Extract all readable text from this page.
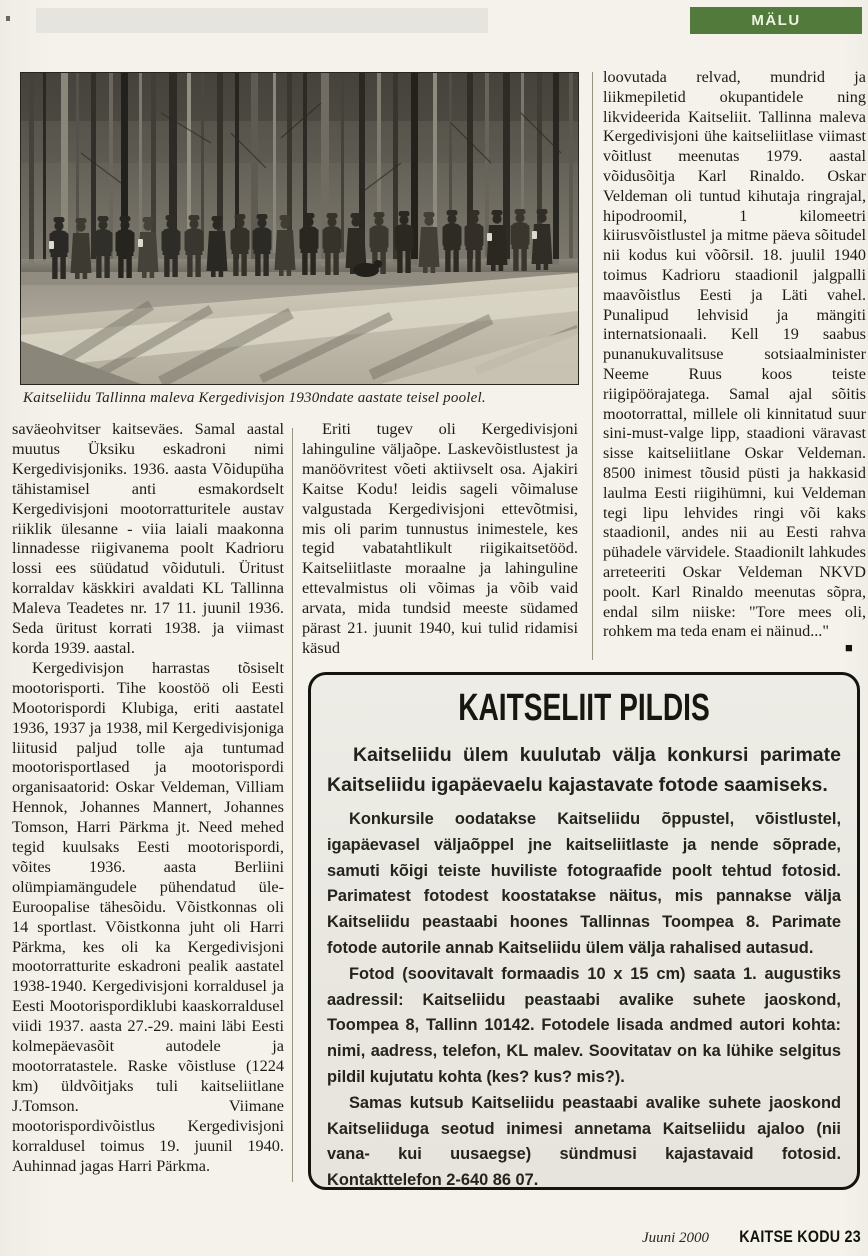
MÄLU
Kaitseliidu Tallinna maleva Kergedivisjon 1930ndate aastate teisel poolel.

saväeohvitser kaitseväes. Samal aastal muutus Üksiku eskadroni nimi Kergedivisjoniks. 1936. aasta Võidupüha tähistamisel anti esmakordselt Kergedivisjoni mootorratturitele austav riiklik ülesanne - viia laiali maakonna linnadesse riigivanema poolt Kadrioru lossi ees süüdatud võidutuli. Üritust korraldav käskkiri avaldati KL Tallinna Maleva Teadetes nr. 17 11. juunil 1936. Seda üritust korrati 1938. ja viimast korda 1939. aastal.

Kergedivisjon harrastas tõsiselt mootorisporti. Tihe koostöö oli Eesti Mootorispordi Klubiga, eriti aastatel 1936, 1937 ja 1938, mil Kergedivisjoniga liitusid paljud tolle aja tuntumad mootorisportlased ja mootorispordi organisaatorid: Oskar Veldeman, Villiam Hennok, Johannes Mannert, Johannes Tomson, Harri Pärkma jt. Need mehed tegid kuulsaks Eesti mootorispordi, võites 1936. aasta Berliini olümpiamängudele pühendatud üle-Euroopalise tähesõidu. Võistkonnas oli 14 sportlast. Võistkonna juht oli Harri Pärkma, kes oli ka Kergedivisjoni mootorratturite eskadroni pealik aastatel 1938-1940. Kergedivisjoni korraldusel ja Eesti Mootorispordiklubi kaaskorraldusel viidi 1937. aasta 27.-29. maini läbi Eesti kolmepäevasõit autodele ja mootorratastele. Raske võistluse (1224 km) üldvõitjaks tuli kaitseliitlane J.Tomson. Viimane mootorispordivõistlus Kergedivisjoni korraldusel toimus 19. juunil 1940. Auhinnad jagas Harri Pärkma.

Eriti tugev oli Kergedivisjoni lahinguline väljaõpe. Laskevõistlustest ja manöövritest võeti aktiivselt osa. Ajakiri Kaitse Kodu! leidis sageli võimaluse valgustada Kergedivisjoni ettevõtmisi, mis oli parim tunnustus inimestele, kes tegid vabatahtlikult riigikaitsetööd. Kaitseliitlaste moraalne ja lahinguline ettevalmistus oli võimas ja võib vaid arvata, mida tundsid meeste südamed pärast 21. juunit 1940, kui tulid ridamisi käsud

loovutada relvad, mundrid ja liikmepiletid okupantidele ning likvideerida Kaitseliit. Tallinna maleva Kergedivisjoni ühe kaitseliitlase viimast võitlust meenutas 1979. aastal võidusõitja Karl Rinaldo. Oskar Veldeman oli tuntud kihutaja ringrajal, hipodroomil, 1 kilomeetri kiirusvõistlustel ja mitme päeva sõitudel nii kodus kui võõrsil. 18. juulil 1940 toimus Kadrioru staadionil jalgpalli maavõistlus Eesti ja Läti vahel. Punalipud lehvisid ja mängiti internatsionaali. Kell 19 saabus punanukuvalitsuse sotsiaalminister Neeme Ruus koos teiste riigipöörajatega. Samal ajal sõitis mootorrattal, millele oli kinnitatud suur sini-must-valge lipp, staadioni väravast sisse kaitseliitlane Oskar Veldeman. 8500 inimest tõusid püsti ja hakkasid laulma Eesti riigihümni, kui Veldeman tegi lipu lehvides ringi või kaks staadionil, andes nii au Eesti rahva pühadele värvidele. Staadionilt lahkudes arreteeriti Oskar Veldeman NKVD poolt. Karl Rinaldo meenutas sõpra, endal silm niiske: "Tore mees oli, rohkem ma teda enam ei näinud..."

■
KAITSELIIT PILDIS

Kaitseliidu ülem kuulutab välja konkursi parimate Kaitseliidu igapäevaelu kajastavate fotode saamiseks.

Konkursile oodatakse Kaitseliidu õppustel, võistlustel, igapäevasel väljaõppel jne kaitseliitlaste ja nende sõprade, samuti kõigi teiste huviliste fotograafide poolt tehtud fotosid. Parimatest fotodest koostatakse näitus, mis pannakse välja Kaitseliidu peastaabi hoones Tallinnas Toompea 8. Parimate fotode autorile annab Kaitseliidu ülem välja rahalised autasud.

Fotod (soovitavalt formaadis 10 x 15 cm) saata 1. augustiks aadressil: Kaitseliidu peastaabi avalike suhete jaoskond, Toompea 8, Tallinn 10142. Fotodele lisada andmed autori kohta: nimi, aadress, telefon, KL malev. Soovitatav on ka lühike selgitus pildil kujutatu kohta (kes? kus? mis?).

Samas kutsub Kaitseliidu peastaabi avalike suhete jaoskond Kaitseliiduga seotud inimesi annetama Kaitseliidu ajaloo (nii vana- kui uusaegse) sündmusi kajastavaid fotosid. Kontakttelefon 2-640 86 07.

Juuni 2000 KAITSE KODU 23
